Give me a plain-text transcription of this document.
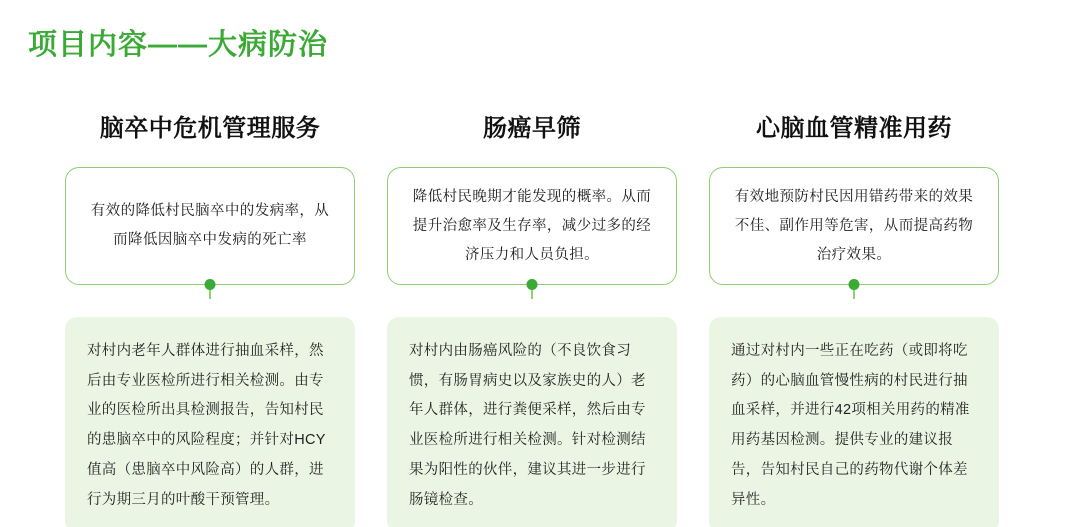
项目内容——大病防治
脑卒中危机管理服务
有效的降低村民脑卒中的发病率，从而降低因脑卒中发病的死亡率
对村内老年人群体进行抽血采样，然后由专业医检所进行相关检测。由专业的医检所出具检测报告，告知村民的患脑卒中的风险程度；并针对HCY值高（患脑卒中风险高）的人群，进行为期三月的叶酸干预管理。
肠癌早筛
降低村民晚期才能发现的概率。从而提升治愈率及生存率，减少过多的经济压力和人员负担。
对村内由肠癌风险的（不良饮食习惯，有肠胃病史以及家族史的人）老年人群体，进行粪便采样，然后由专业医检所进行相关检测。针对检测结果为阳性的伙伴，建议其进一步进行肠镜检查。
心脑血管精准用药
有效地预防村民因用错药带来的效果不佳、副作用等危害，从而提高药物治疗效果。
通过对村内一些正在吃药（或即将吃药）的心脑血管慢性病的村民进行抽血采样，并进行42项相关用药的精准用药基因检测。提供专业的建议报告，告知村民自己的药物代谢个体差异性。
